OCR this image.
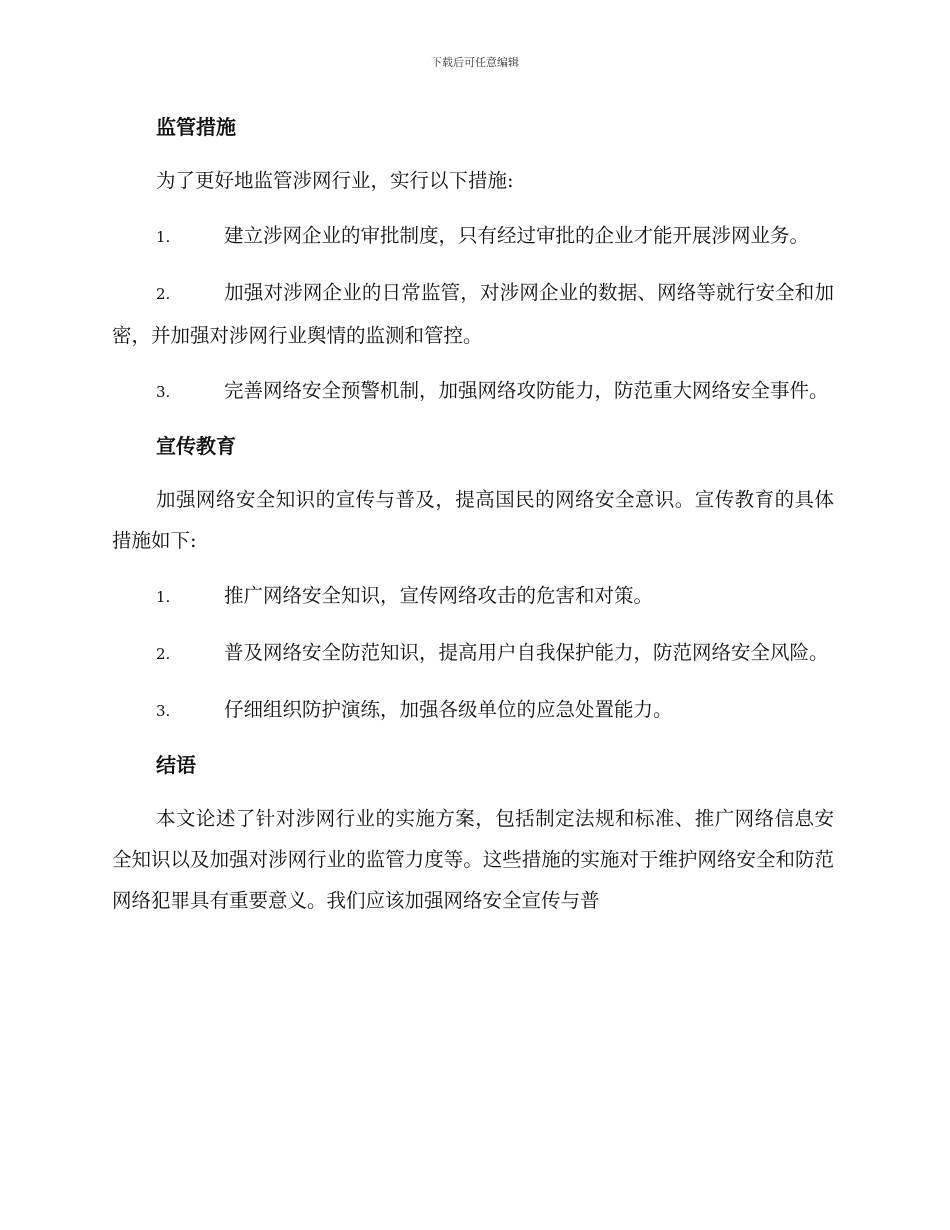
下载后可任意编辑
监管措施
为了更好地监管涉网行业，实行以下措施:
1.	建立涉网企业的审批制度，只有经过审批的企业才能开展涉网业务。
2.	加强对涉网企业的日常监管，对涉网企业的数据、网络等就行安全和加密，并加强对涉网行业舆情的监测和管控。
3.	完善网络安全预警机制，加强网络攻防能力，防范重大网络安全事件。
宣传教育
加强网络安全知识的宣传与普及，提高国民的网络安全意识。宣传教育的具体措施如下:
1.	推广网络安全知识，宣传网络攻击的危害和对策。
2.	普及网络安全防范知识，提高用户自我保护能力，防范网络安全风险。
3.	仔细组织防护演练，加强各级单位的应急处置能力。
结语
本文论述了针对涉网行业的实施方案，包括制定法规和标准、推广网络信息安全知识以及加强对涉网行业的监管力度等。这些措施的实施对于维护网络安全和防范网络犯罪具有重要意义。我们应该加强网络安全宣传与普
